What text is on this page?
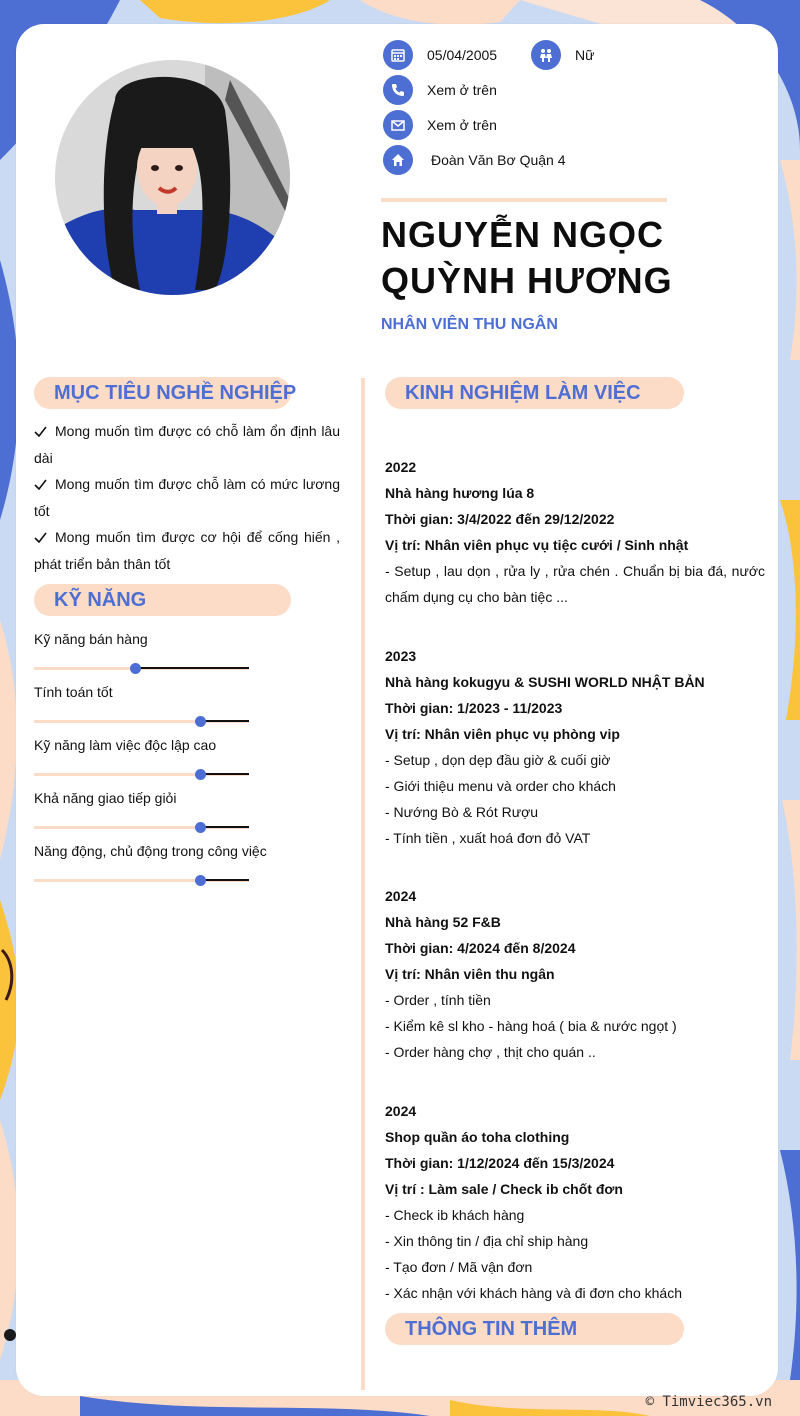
05/04/2005	Nữ
Xem ở trên
Xem ở trên
Đoàn Văn Bơ Quận 4
NGUYỄN NGỌC
QUỲNH HƯƠNG
NHÂN VIÊN THU NGÂN
MỤC TIÊU NGHỀ NGHIỆP

Mong muốn tìm được có chỗ làm ổn định lâu dài

Mong muốn tìm được chỗ làm có mức lương tốt

Mong muốn tìm được cơ hội để cống hiến , phát triển bản thân tốt

KỸ NĂNG
Kỹ năng bán hàng
Tính toán tốt
Kỹ năng làm việc độc lập cao
Khả năng giao tiếp giỏi
Năng động, chủ động trong công việc
KINH NGHIỆM LÀM VIỆC
2022
Nhà hàng hương lúa 8
Thời gian: 3/4/2022 đến 29/12/2022
Vị trí: Nhân viên phục vụ tiệc cưới / Sinh nhật
- Setup , lau dọn , rửa ly , rửa chén . Chuẩn bị bia đá, nước chấm dụng cụ cho bàn tiệc ...
2023
Nhà hàng kokugyu & SUSHI WORLD NHẬT BẢN
Thời gian: 1/2023 - 11/2023
Vị trí: Nhân viên phục vụ phòng vip
- Setup , dọn dẹp đầu giờ & cuối giờ
- Giới thiệu menu và order cho khách
- Nướng Bò & Rót Rượu
- Tính tiền , xuất hoá đơn đỏ VAT
2024
Nhà hàng 52 F&B
Thời gian: 4/2024 đến 8/2024
Vị trí: Nhân viên thu ngân
- Order , tính tiền
- Kiểm kê sl kho - hàng hoá ( bia & nước ngọt )
- Order hàng chợ , thịt cho quán ..
2024
Shop quần áo toha clothing
Thời gian: 1/12/2024 đến 15/3/2024
Vị trí : Làm sale / Check ib chốt đơn
- Check ib khách hàng
- Xin thông tin / địa chỉ ship hàng
- Tạo đơn / Mã vận đơn
- Xác nhận với khách hàng và đi đơn cho khách
THÔNG TIN THÊM
© Timviec365.vn
